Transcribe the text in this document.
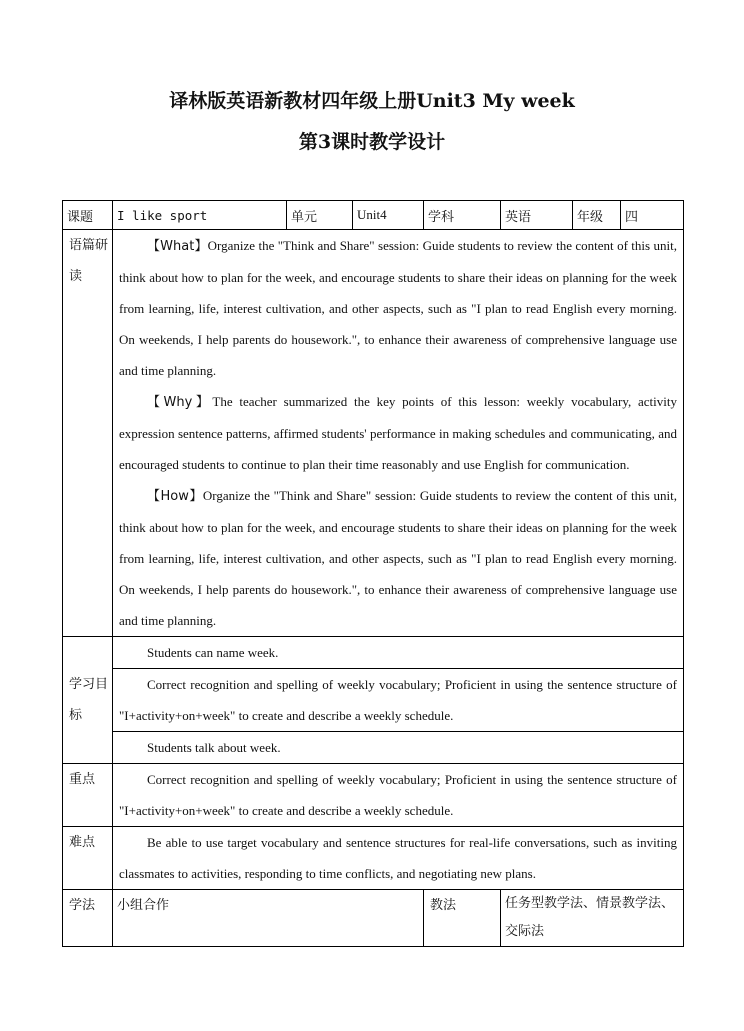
译林版英语新教材四年级上册Unit3 My week
第3课时教学设计
课题	I like sport	单元	Unit4	学科	英语	年级	四
语篇研读	【What】Organize the "Think and Share" session: Guide students to review the content of this unit, think about how to plan for the week, and encourage students to share their ideas on planning for the week from learning, life, interest cultivation, and other aspects, such as "I plan to read English every morning. On weekends, I help parents do housework.", to enhance their awareness of comprehensive language use and time planning.

【Why】The teacher summarized the key points of this lesson: weekly vocabulary, activity expression sentence patterns, affirmed students' performance in making schedules and communicating, and encouraged students to continue to plan their time reasonably and use English for communication.

【How】Organize the "Think and Share" session: Guide students to review the content of this unit, think about how to plan for the week, and encourage students to share their ideas on planning for the week from learning, life, interest cultivation, and other aspects, such as "I plan to read English every morning. On weekends, I help parents do housework.", to enhance their awareness of comprehensive language use and time planning.						

学习目标	Students can name week.						

	Correct recognition and spelling of weekly vocabulary; Proficient in using the sentence structure of "I+activity+on+week" to create and describe a weekly schedule.						

	Students talk about week.						

重点	Correct recognition and spelling of weekly vocabulary; Proficient in using the sentence structure of "I+activity+on+week" to create and describe a weekly schedule.						

难点	Be able to use target vocabulary and sentence structures for real-life conversations, such as inviting classmates to activities, responding to time conflicts, and negotiating new plans.						

学法	小组合作			教法	任务型教学法、情景教学法、交际法		
